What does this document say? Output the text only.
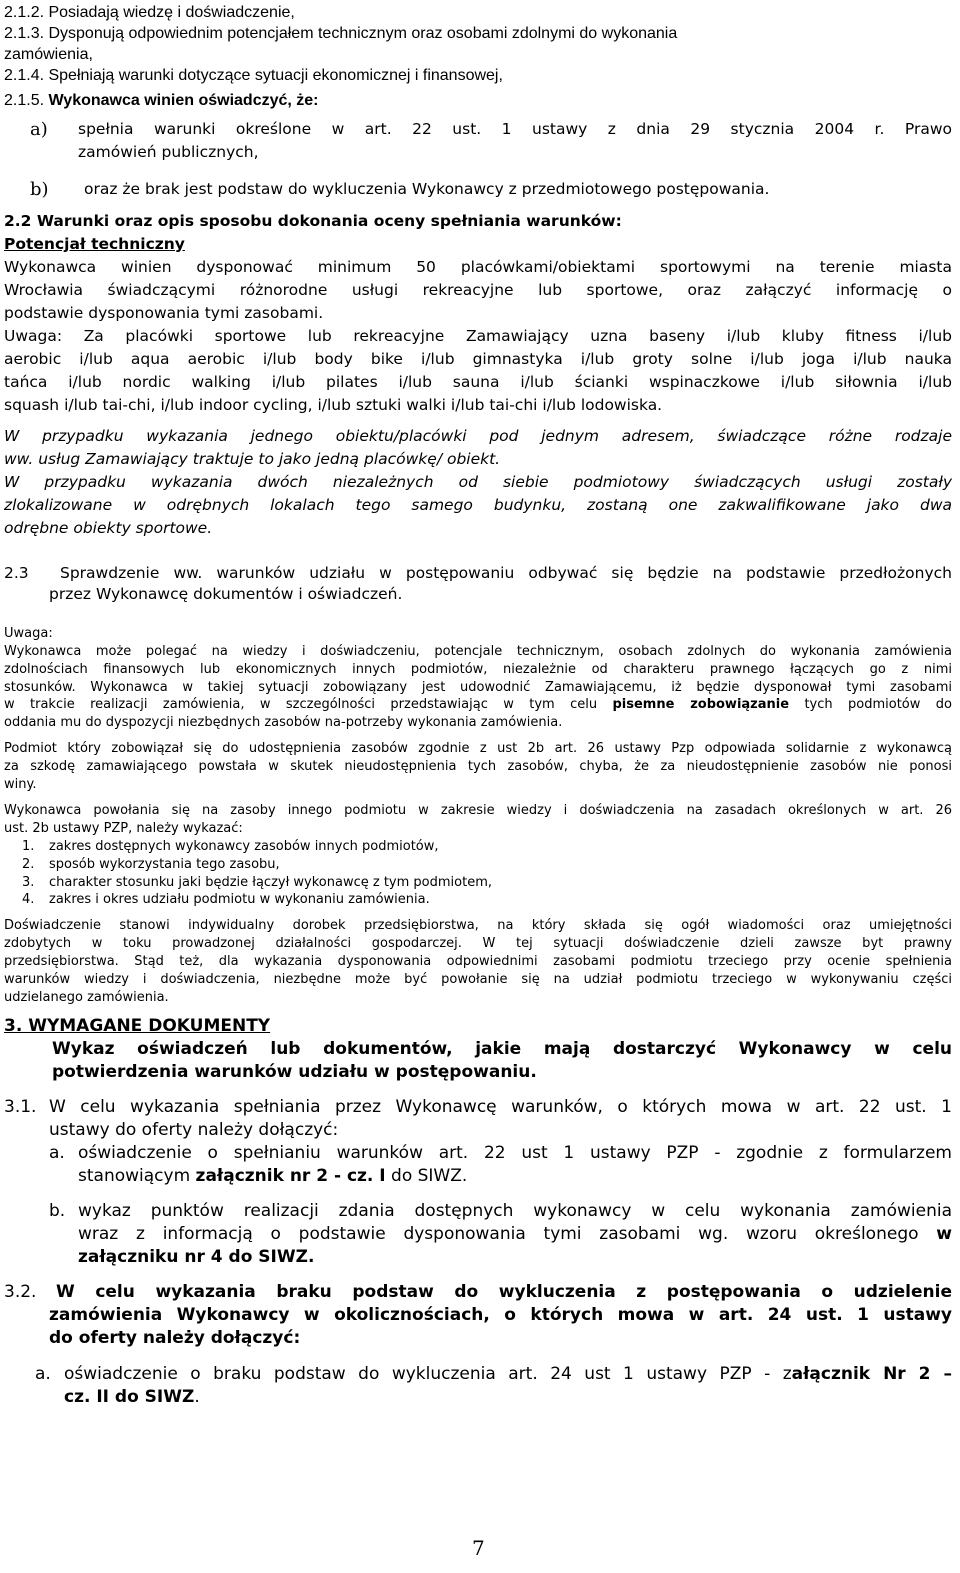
2.1.2. Posiadają wiedzę i doświadczenie,
2.1.3. Dysponują odpowiednim potencjałem technicznym oraz osobami zdolnymi do wykonania
zamówienia,
2.1.4. Spełniają warunki dotyczące sytuacji ekonomicznej i finansowej,
2.1.5. Wykonawca winien oświadczyć, że:
a) spełnia warunki określone w art. 22 ust. 1 ustawy z dnia 29 stycznia 2004 r. Prawo
zamówień publicznych,
b) oraz że brak jest podstaw do wykluczenia Wykonawcy z przedmiotowego postępowania.
2.2 Warunki oraz opis sposobu dokonania oceny spełniania warunków:
Potencjał techniczny
Wykonawca winien dysponować minimum 50 placówkami/obiektami sportowymi na terenie miasta
Wrocławia świadczącymi różnorodne usługi rekreacyjne lub sportowe, oraz załączyć informację o
podstawie dysponowania tymi zasobami.
Uwaga: Za placówki sportowe lub rekreacyjne Zamawiający uzna baseny i/lub kluby fitness i/lub
aerobic i/lub aqua aerobic i/lub body bike i/lub gimnastyka i/lub groty solne i/lub joga i/lub nauka
tańca i/lub nordic walking i/lub pilates i/lub sauna i/lub ścianki wspinaczkowe i/lub siłownia i/lub
squash i/lub tai-chi, i/lub indoor cycling, i/lub sztuki walki i/lub tai-chi i/lub lodowiska.
W przypadku wykazania jednego obiektu/placówki pod jednym adresem, świadczące różne rodzaje
ww. usług Zamawiający traktuje to jako jedną placówkę/ obiekt.
W przypadku wykazania dwóch niezależnych od siebie podmiotowy świadczących usługi zostały
zlokalizowane w odrębnych lokalach tego samego budynku, zostaną one zakwalifikowane jako dwa
odrębne obiekty sportowe.
2.3 Sprawdzenie ww. warunków udziału w postępowaniu odbywać się będzie na podstawie przedłożonych
przez Wykonawcę dokumentów i oświadczeń.
Uwaga:
Wykonawca może polegać na wiedzy i doświadczeniu, potencjale technicznym, osobach zdolnych do wykonania zamówienia
zdolnościach finansowych lub ekonomicznych innych podmiotów, niezależnie od charakteru prawnego łączących go z nimi
stosunków. Wykonawca w takiej sytuacji zobowiązany jest udowodnić Zamawiającemu, iż będzie dysponował tymi zasobami
w trakcie realizacji zamówienia, w szczególności przedstawiając w tym celu pisemne zobowiązanie tych podmiotów do
oddania mu do dyspozycji niezbędnych zasobów na-potrzeby wykonania zamówienia.
Podmiot który zobowiązał się do udostępnienia zasobów zgodnie z ust 2b art. 26 ustawy Pzp odpowiada solidarnie z wykonawcą
za szkodę zamawiającego powstała w skutek nieudostępnienia tych zasobów, chyba, że za nieudostępnienie zasobów nie ponosi
winy.
Wykonawca powołania się na zasoby innego podmiotu w zakresie wiedzy i doświadczenia na zasadach określonych w art. 26
ust. 2b ustawy PZP, należy wykazać:
1. zakres dostępnych wykonawcy zasobów innych podmiotów,
2. sposób wykorzystania tego zasobu,
3. charakter stosunku jaki będzie łączył wykonawcę z tym podmiotem,
4. zakres i okres udziału podmiotu w wykonaniu zamówienia.
Doświadczenie stanowi indywidualny dorobek przedsiębiorstwa, na który składa się ogół wiadomości oraz umiejętności
zdobytych w toku prowadzonej działalności gospodarczej. W tej sytuacji doświadczenie dzieli zawsze byt prawny
przedsiębiorstwa. Stąd też, dla wykazania dysponowania odpowiednimi zasobami podmiotu trzeciego przy ocenie spełnienia
warunków wiedzy i doświadczenia, niezbędne może być powołanie się na udział podmiotu trzeciego w wykonywaniu części
udzielanego zamówienia.
3. WYMAGANE DOKUMENTY
Wykaz oświadczeń lub dokumentów, jakie mają dostarczyć Wykonawcy w celu
potwierdzenia warunków udziału w postępowaniu.
3.1. W celu wykazania spełniania przez Wykonawcę warunków, o których mowa w art. 22 ust. 1
ustawy do oferty należy dołączyć:
a. oświadczenie o spełnianiu warunków art. 22 ust 1 ustawy PZP - zgodnie z formularzem
stanowiącym załącznik nr 2 - cz. I do SIWZ.
b. wykaz punktów realizacji zdania dostępnych wykonawcy w celu wykonania zamówienia
wraz z informacją o podstawie dysponowania tymi zasobami wg. wzoru określonego w
załączniku nr 4 do SIWZ.
3.2. W celu wykazania braku podstaw do wykluczenia z postępowania o udzielenie
zamówienia Wykonawcy w okolicznościach, o których mowa w art. 24 ust. 1 ustawy
do oferty należy dołączyć:
a. oświadczenie o braku podstaw do wykluczenia art. 24 ust 1 ustawy PZP - załącznik Nr 2 –
cz. II do SIWZ.
7
